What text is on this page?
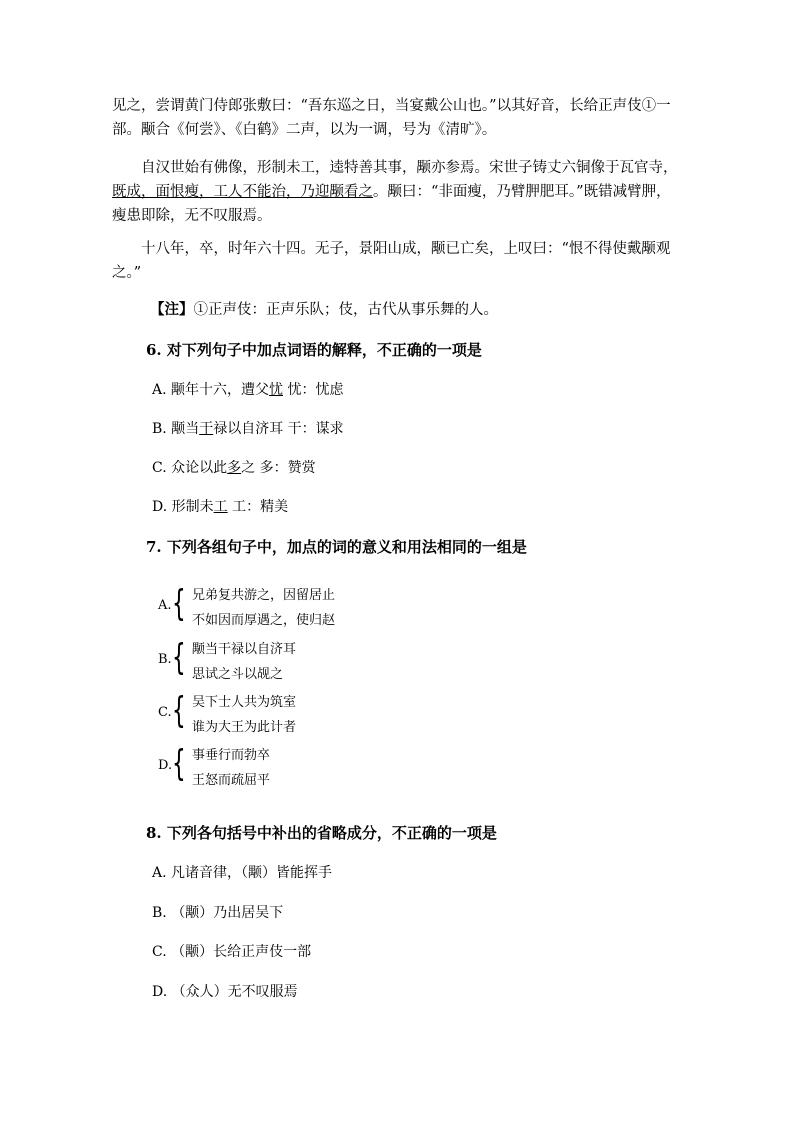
见之，尝谓黄门侍郎张敷曰：“吾东巡之日，当宴戴公山也。”以其好音，长给正声伎①一部。颙合《何尝》、《白鹤》二声，以为一调，号为《清旷》。
自汉世始有佛像，形制未工，逵特善其事，颙亦参焉。宋世子铸丈六铜像于瓦官寺，既成，面恨瘦，工人不能治，乃迎颙看之。颙曰：“非面瘦，乃臂胛肥耳。”既错减臂胛，瘦患即除，无不叹服焉。
十八年，卒，时年六十四。无子，景阳山成，颙已亡矣，上叹曰：“恨不得使戴颙观之。”
【注】①正声伎：正声乐队；伎，古代从事乐舞的人。
6. 对下列句子中加点词语的解释，不正确的一项是
A. 颙年十六，遭父忧 忧：忧虑
B. 颙当干禄以自济耳 干：谋求
C. 众论以此多之 多：赞赏
D. 形制未工 工：精美
7. 下列各组句子中，加点的词的意义和用法相同的一组是
A. { 兄弟复共游之，因留居止
不如因而厚遇之，使归赵
B. { 颙当干禄以自济耳
思试之斗以觇之
C. { 吴下士人共为筑室
谁为大王为此计者
D. { 事垂行而勃卒
王怒而疏屈平
8. 下列各句括号中补出的省略成分，不正确的一项是
A. 凡诸音律，（颙）皆能挥手
B. （颙）乃出居吴下
C. （颙）长给正声伎一部
D. （众人）无不叹服焉
